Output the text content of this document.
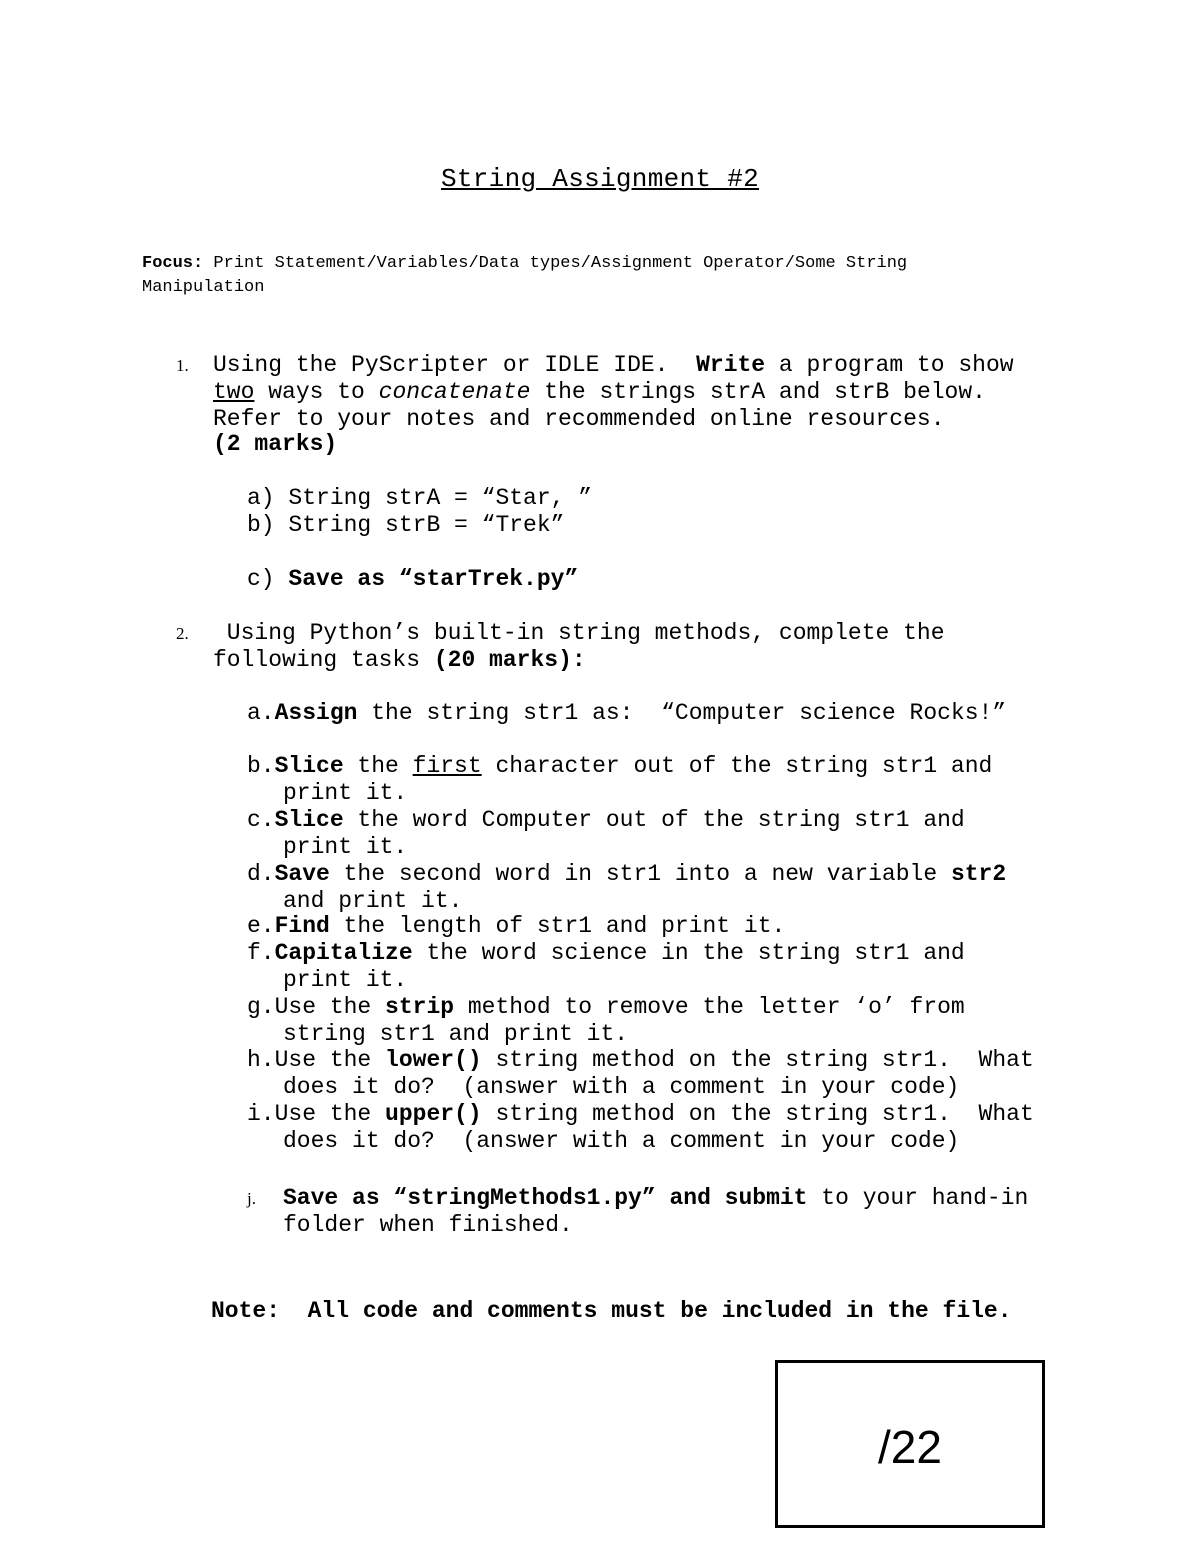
String Assignment #2
Focus: Print Statement/Variables/Data types/Assignment Operator/Some String Manipulation
1. Using the PyScripter or IDLE IDE.  Write a program to show
two ways to concatenate the strings strA and strB below.
Refer to your notes and recommended online resources.
(2 marks)
a) String strA = “Star, ”
b) String strB = “Trek”
c) Save as “starTrek.py”
2. Using Python’s built-in string methods, complete the
following tasks (20 marks):
a.Assign the string str1 as:  “Computer science Rocks!”
b.Slice the first character out of the string str1 and
print it.
c.Slice the word Computer out of the string str1 and
print it.
d.Save the second word in str1 into a new variable str2
and print it.
e.Find the length of str1 and print it.
f.Capitalize the word science in the string str1 and
print it.
g.Use the strip method to remove the letter ‘o’ from
string str1 and print it.
h.Use the lower() string method on the string str1.  What
does it do?  (answer with a comment in your code)
i.Use the upper() string method on the string str1.  What
does it do?  (answer with a comment in your code)
j. Save as “stringMethods1.py” and submit to your hand-in
folder when finished.
Note:  All code and comments must be included in the file.
/22
